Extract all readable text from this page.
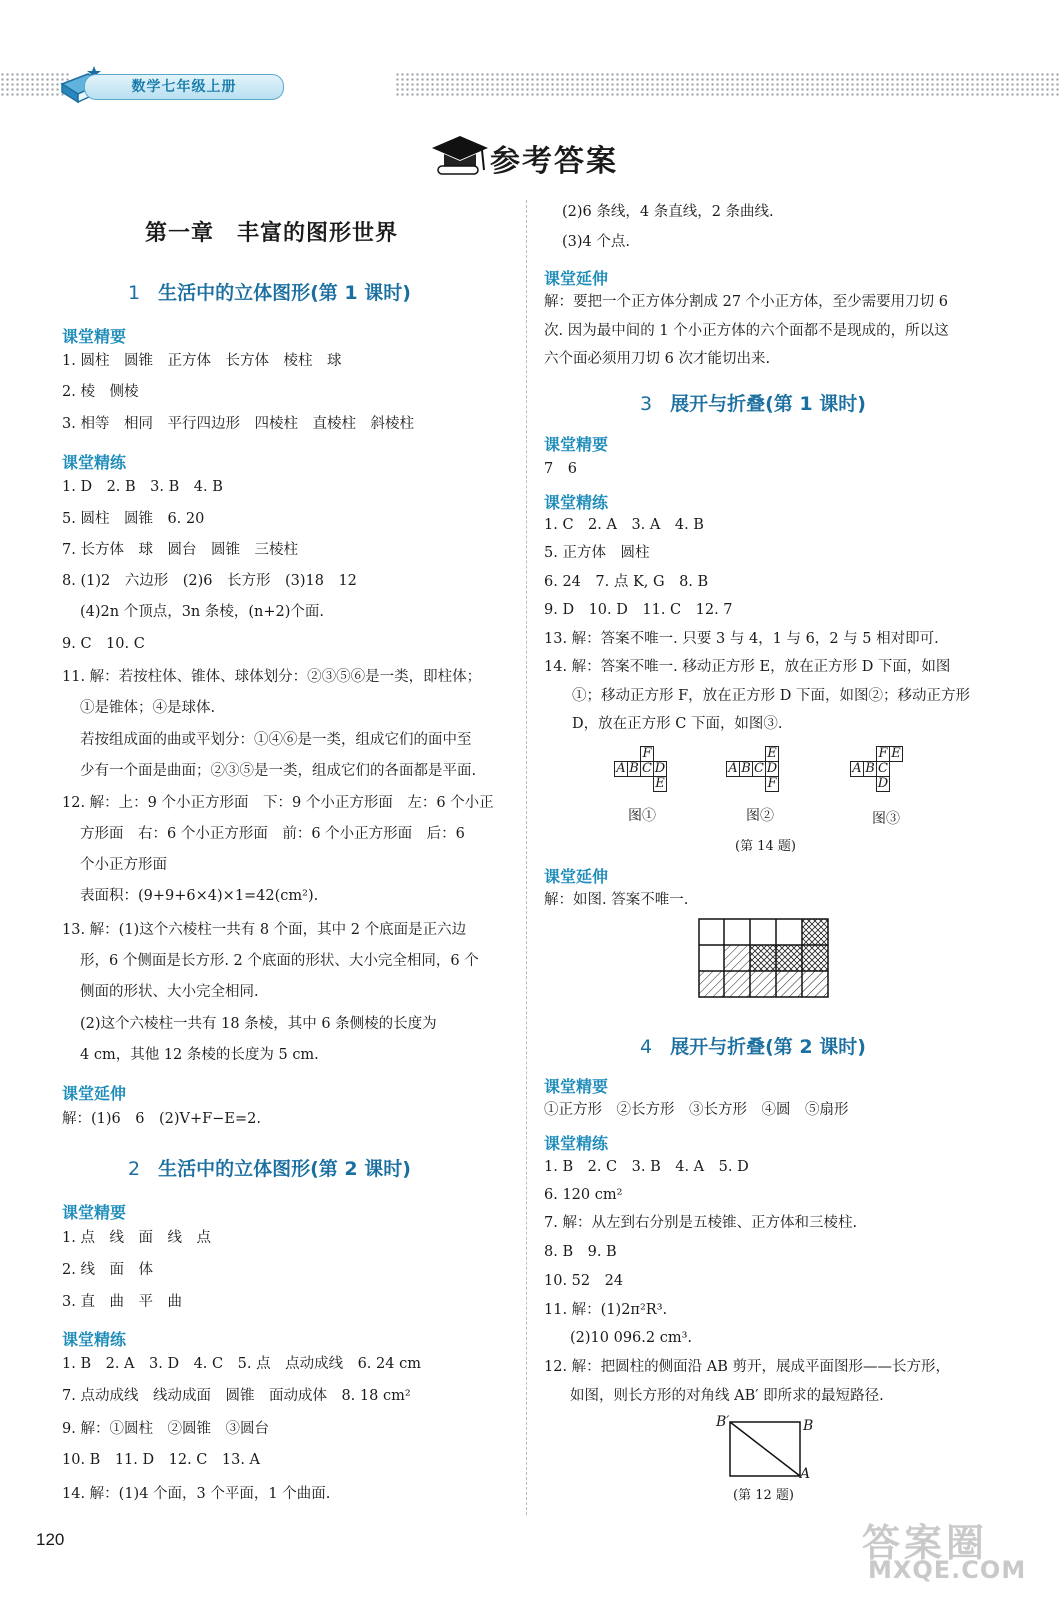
数学七年级上册
参考答案
第一章　丰富的图形世界
1 生活中的立体图形(第 1 课时)
课堂精要
1. 圆柱　圆锥　正方体　长方体　棱柱　球
2. 棱　侧棱
3. 相等　相同　平行四边形　四棱柱　直棱柱　斜棱柱
课堂精练
1. D　2. B　3. B　4. B
5. 圆柱　圆锥　6. 20
7. 长方体　球　圆台　圆锥　三棱柱
8. (1)2　六边形　(2)6　长方形　(3)18　12
(4)2n 个顶点，3n 条棱，(n+2)个面.
9. C　10. C
11. 解：若按柱体、锥体、球体划分：②③⑤⑥是一类，即柱体；
①是锥体；④是球体.
若按组成面的曲或平划分：①④⑥是一类，组成它们的面中至
少有一个面是曲面；②③⑤是一类，组成它们的各面都是平面.
12. 解：上：9 个小正方形面　下：9 个小正方形面　左：6 个小正
方形面　右：6 个小正方形面　前：6 个小正方形面　后：6
个小正方形面
表面积：(9+9+6×4)×1=42(cm²).
13. 解：(1)这个六棱柱一共有 8 个面，其中 2 个底面是正六边
形，6 个侧面是长方形. 2 个底面的形状、大小完全相同，6 个
侧面的形状、大小完全相同.
(2)这个六棱柱一共有 18 条棱，其中 6 条侧棱的长度为
4 cm，其他 12 条棱的长度为 5 cm.
课堂延伸
解：(1)6　6　(2)V+F−E=2.
2 生活中的立体图形(第 2 课时)
课堂精要
1. 点　线　面　线　点
2. 线　面　体
3. 直　曲　平　曲
课堂精练
1. B　2. A　3. D　4. C　5. 点　点动成线　6. 24 cm
7. 点动成线　线动成面　圆锥　面动成体　8. 18 cm²
9. 解：①圆柱　②圆锥　③圆台
10. B　11. D　12. C　13. A
14. 解：(1)4 个面，3 个平面，1 个曲面.
120
(2)6 条线，4 条直线，2 条曲线.
(3)4 个点.
课堂延伸
解：要把一个正方体分割成 27 个小正方体，至少需要用刀切 6
次. 因为最中间的 1 个小正方体的六个面都不是现成的，所以这
六个面必须用刀切 6 次才能切出来.
3 展开与折叠(第 1 课时)
课堂精要
7　6
课堂精练
1. C　2. A　3. A　4. B
5. 正方体　圆柱
6. 24　7. 点 K, G　8. B
9. D　10. D　11. C　12. 7
13. 解：答案不唯一. 只要 3 与 4，1 与 6，2 与 5 相对即可.
14. 解：答案不唯一. 移动正方形 E，放在正方形 D 下面，如图
①；移动正方形 F，放在正方形 D 下面，如图②；移动正方形
D，放在正方形 C 下面，如图③.
		F	
A	B	C	D
			E
图①
			E
A	B	C	D
			F
图②
		F	E
A	B	C	
		D	
图③
(第 14 题)
课堂延伸
解：如图. 答案不唯一.
4 展开与折叠(第 2 课时)
课堂精要
①正方形　②长方形　③长方形　④圆　⑤扇形
课堂精练
1. B　2. C　3. B　4. A　5. D
6. 120 cm²
7. 解：从左到右分别是五棱锥、正方体和三棱柱.
8. B　9. B
10. 52　24
11. 解：(1)2π²R³.
(2)10 096.2 cm³.
12. 解：把圆柱的侧面沿 AB 剪开，展成平面图形——长方形，
如图，则长方形的对角线 AB′ 即所求的最短路径.
B′	B
A
(第 12 题)
答案圈
MXQE.COM
